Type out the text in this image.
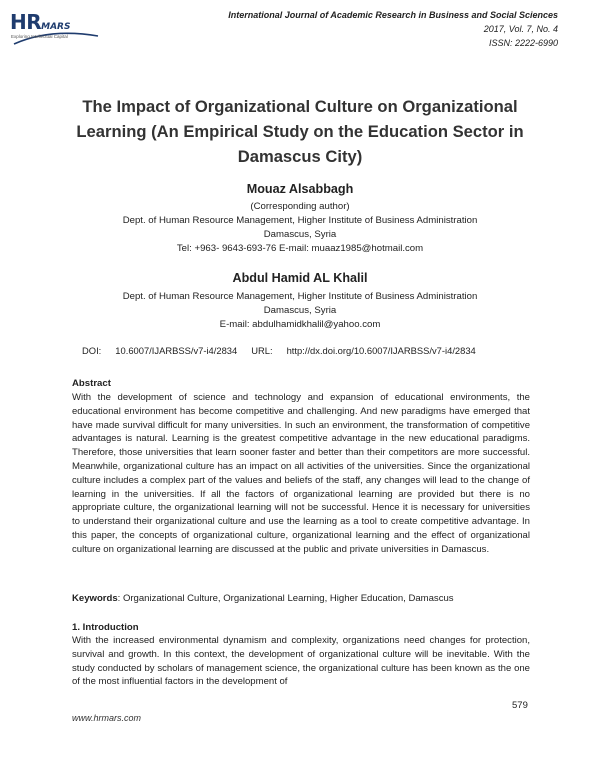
HRMARS
Exploring Intellectual Capital
International Journal of Academic Research in Business and Social Sciences
2017, Vol. 7, No. 4
ISSN: 2222-6990
The Impact of Organizational Culture on Organizational
Learning (An Empirical Study on the Education Sector in
Damascus City)
Mouaz Alsabbagh
(Corresponding author)
Dept. of Human Resource Management, Higher Institute of Business Administration
Damascus, Syria
Tel: +963- 9643-693-76 E-mail: muaaz1985@hotmail.com
Abdul Hamid AL Khalil
Dept. of Human Resource Management, Higher Institute of Business Administration
Damascus, Syria
E-mail: abdulhamidkhalil@yahoo.com
DOI: 10.6007/IJARBSS/v7-i4/2834 URL: http://dx.doi.org/10.6007/IJARBSS/v7-i4/2834
Abstract

With the development of science and technology and expansion of educational environments, the educational environment has become competitive and challenging. And new paradigms have emerged that have made survival difficult for many universities. In such an environment, the transformation of competitive advantages is natural. Learning is the greatest competitive advantage in the new educational paradigms. Therefore, those universities that learn sooner faster and better than their competitors are more successful. Meanwhile, organizational culture has an impact on all activities of the universities. Since the organizational culture includes a complex part of the values and beliefs of the staff, any changes will lead to the change of learning in the universities. If all the factors of organizational learning are provided but there is no appropriate culture, the organizational learning will not be successful. Hence it is necessary for universities to understand their organizational culture and use the learning as a tool to create competitive advantage. In this paper, the concepts of organizational culture, organizational learning and the effect of organizational culture on organizational learning are discussed at the public and private universities in Damascus.

Keywords: Organizational Culture, Organizational Learning, Higher Education, Damascus
1. Introduction

With the increased environmental dynamism and complexity, organizations need changes for protection, survival and growth. In this context, the development of organizational culture will be inevitable. With the study conducted by scholars of management science, the organizational culture has been known as the one of the most influential factors in the development of

579
www.hrmars.com
